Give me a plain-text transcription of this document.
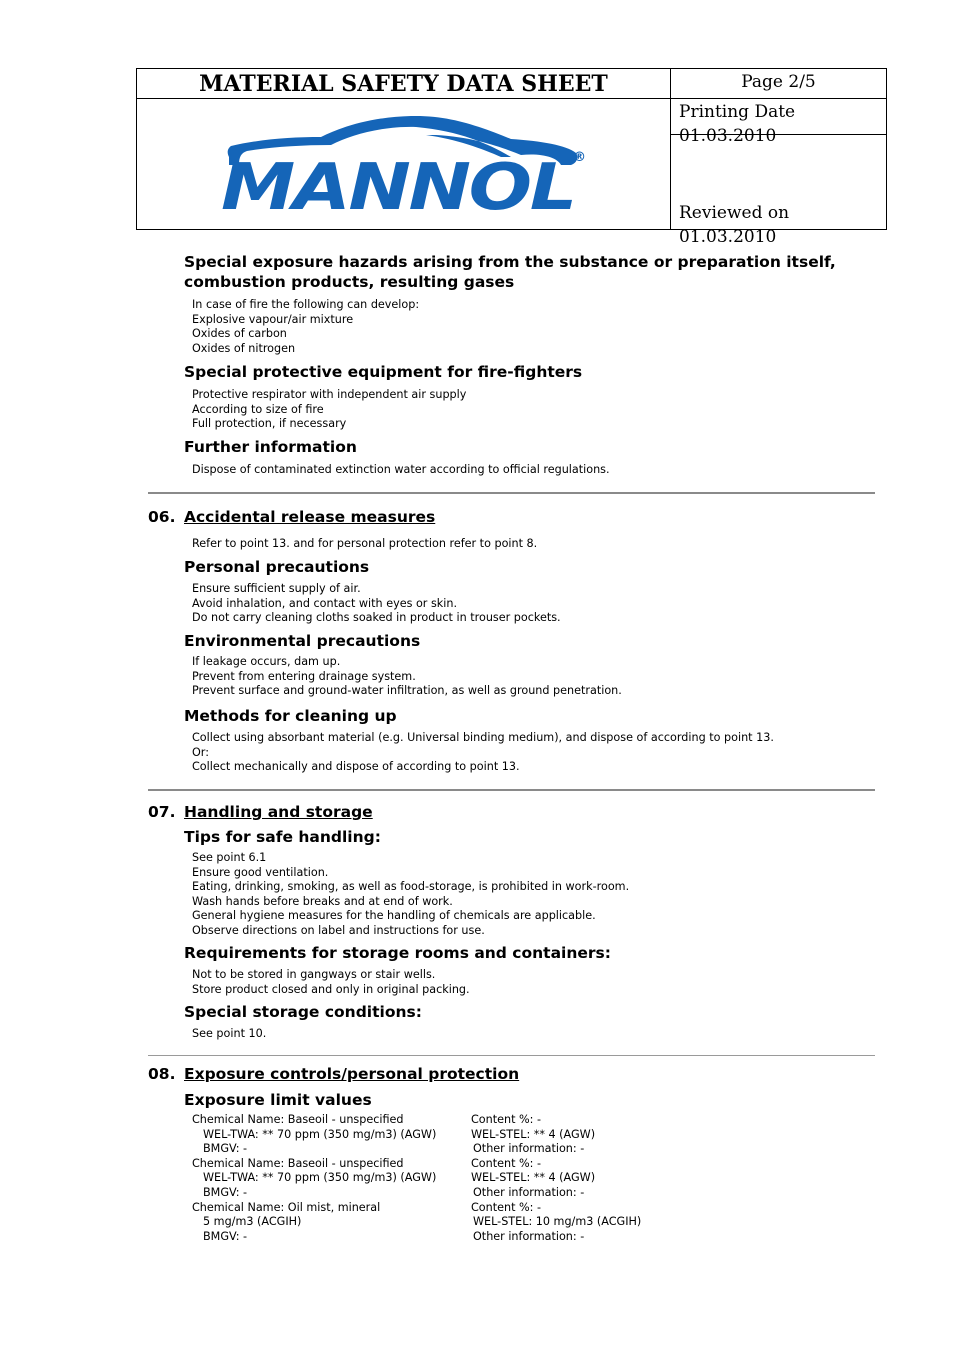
MATERIAL SAFETY DATA SHEET	Page 2/5
Printing Date 01.03.2010
Reviewed on 01.03.2010
MANNOL
®
Special exposure hazards arising from the substance or preparation itself,
combustion products, resulting gases
In case of fire the following can develop:
Explosive vapour/air mixture
Oxides of carbon
Oxides of nitrogen
Special protective equipment for fire-fighters
Protective respirator with independent air supply
According to size of fire
Full protection, if necessary
Further information
Dispose of contaminated extinction water according to official regulations.
06. Accidental release measures
Refer to point 13. and for personal protection refer to point 8.
Personal precautions
Ensure sufficient supply of air.
Avoid inhalation, and contact with eyes or skin.
Do not carry cleaning cloths soaked in product in trouser pockets.
Environmental precautions
If leakage occurs, dam up.
Prevent from entering drainage system.
Prevent surface and ground-water infiltration, as well as ground penetration.
Methods for cleaning up
Collect using absorbant material (e.g. Universal binding medium), and dispose of according to point 13.
Or:
Collect mechanically and dispose of according to point 13.
07. Handling and storage
Tips for safe handling:
See point 6.1
Ensure good ventilation.
Eating, drinking, smoking, as well as food-storage, is prohibited in work-room.
Wash hands before breaks and at end of work.
General hygiene measures for the handling of chemicals are applicable.
Observe directions on label and instructions for use.
Requirements for storage rooms and containers:
Not to be stored in gangways or stair wells.
Store product closed and only in original packing.
Special storage conditions:
See point 10.
08. Exposure controls/personal protection
Exposure limit values
Chemical Name: Baseoil - unspecified	Content %: -
WEL-TWA: ** 70 ppm (350 mg/m3) (AGW)	WEL-STEL: ** 4 (AGW)
BMGV: -	Other information: -
Chemical Name: Baseoil - unspecified	Content %: -
WEL-TWA: ** 70 ppm (350 mg/m3) (AGW)	WEL-STEL: ** 4 (AGW)
BMGV: -	Other information: -
Chemical Name: Oil mist, mineral	Content %: -
5 mg/m3 (ACGIH)	WEL-STEL: 10 mg/m3 (ACGIH)
BMGV: -	Other information: -
